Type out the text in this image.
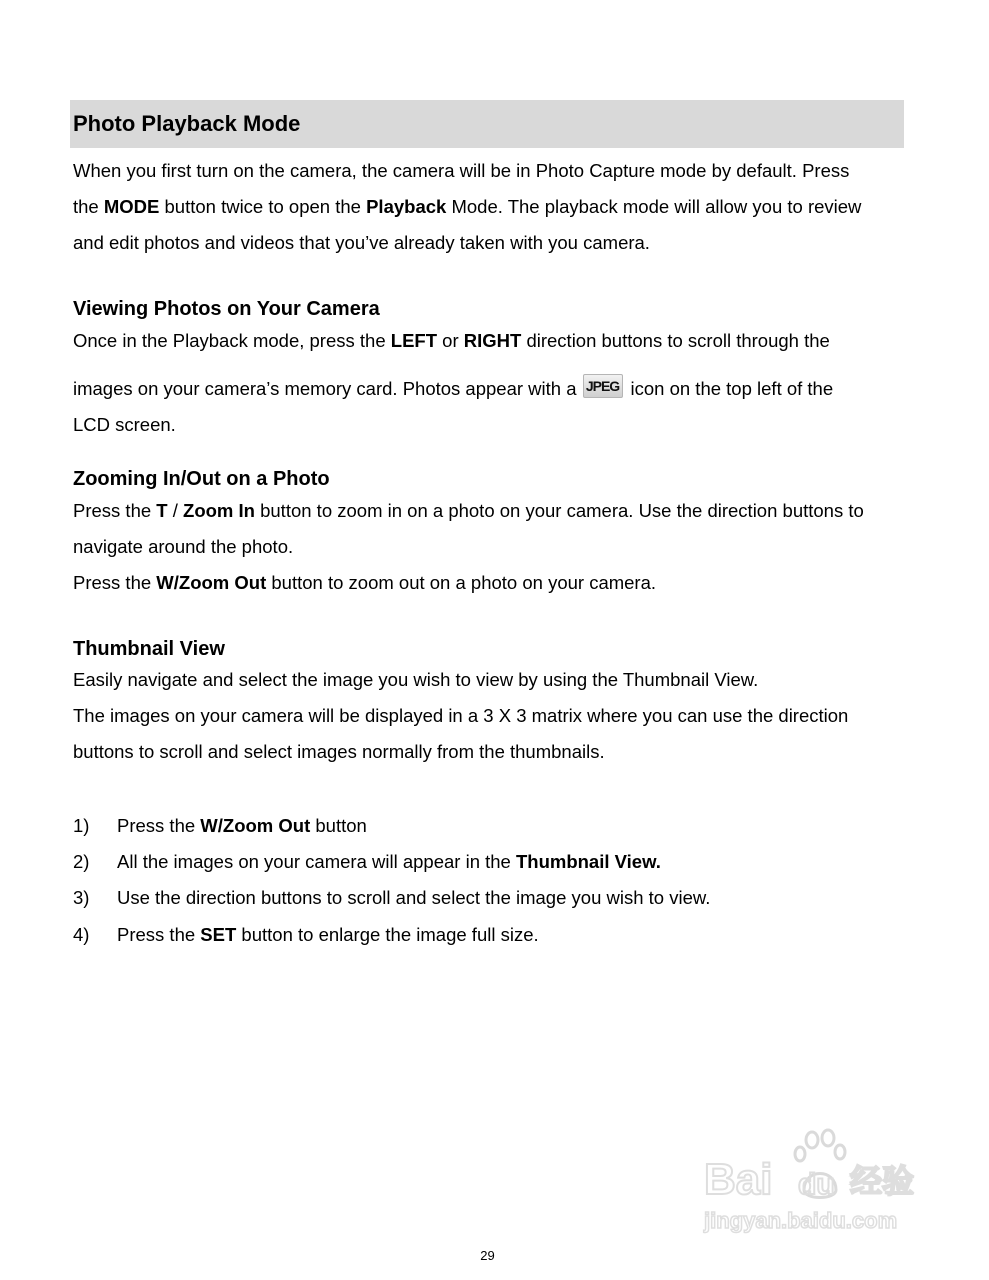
Photo Playback Mode

When you first turn on the camera, the camera will be in Photo Capture mode by default. Press

the MODE button twice to open the Playback Mode. The playback mode will allow you to review

and edit photos and videos that you’ve already taken with you camera.

Viewing Photos on Your Camera

Once in the Playback mode, press the LEFT or RIGHT direction buttons to scroll through the

images on your camera’s memory card. Photos appear with a JPEG icon on the top left of the

LCD screen.

Zooming In/Out on a Photo

Press the T / Zoom In button to zoom in on a photo on your camera. Use the direction buttons to

navigate around the photo.

Press the W/Zoom Out button to zoom out on a photo on your camera.

Thumbnail View

Easily navigate and select the image you wish to view by using the Thumbnail View.

The images on your camera will be displayed in a 3 X 3 matrix where you can use the direction

buttons to scroll and select images normally from the thumbnails.

1) Press the W/Zoom Out button
2) All the images on your camera will appear in the Thumbnail View.
3) Use the direction buttons to scroll and select the image you wish to view.
4) Press the SET button to enlarge the image full size.
Bai du 经验
jingyan.baidu.com
29
